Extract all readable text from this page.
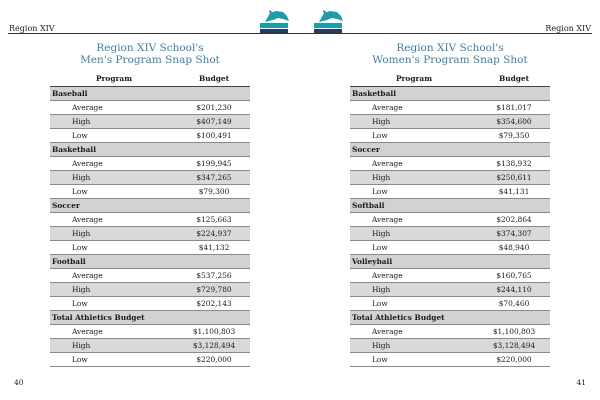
Region XIV
Region XIV School's
Men's Program Snap Shot
Program	Budget
Baseball	
Average	$201,230
High	$407,149
Low	$100,491
Basketball	
Average	$199,945
High	$347,265
Low	$79,300
Soccer	
Average	$125,663
High	$224,937
Low	$41,132
Football	
Average	$537,256
High	$729,780
Low	$202,143
Total Athletics Budget	
Average	$1,100,803
High	$3,128,494
Low	$220,000
40
Region XIV
Region XIV School's
Women's Program Snap Shot
Program	Budget
Basketball	
Average	$181,017
High	$354,600
Low	$79,350
Soccer	
Average	$138,932
High	$250,611
Low	$41,131
Softball	
Average	$202,864
High	$374,307
Low	$48,940
Volleyball	
Average	$160,765
High	$244,110
Low	$70,460
Total Athletics Budget	
Average	$1,100,803
High	$3,128,494
Low	$220,000
41
